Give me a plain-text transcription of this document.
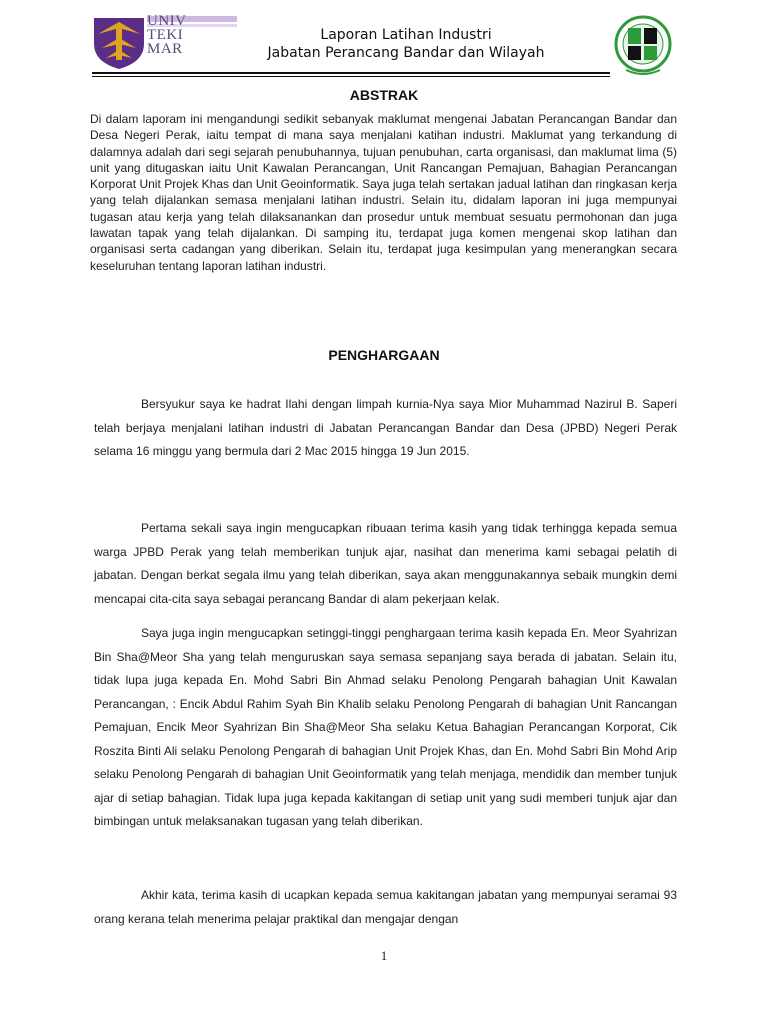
UNIV
TEKI
MAR
Laporan Latihan Industri
Jabatan Perancang Bandar dan Wilayah
ABSTRAK
Di dalam laporam ini mengandungi sedikit sebanyak maklumat mengenai Jabatan Perancangan Bandar dan Desa Negeri Perak, iaitu tempat di mana saya menjalani katihan industri. Maklumat yang terkandung di dalamnya adalah dari segi sejarah penubuhannya, tujuan penubuhan, carta organisasi, dan maklumat lima (5) unit yang ditugaskan iaitu Unit Kawalan Perancangan, Unit Rancangan Pemajuan, Bahagian Perancangan Korporat Unit Projek Khas dan Unit Geoinformatik. Saya juga telah sertakan jadual latihan dan ringkasan kerja yang telah dijalankan semasa menjalani latihan industri. Selain itu, didalam laporan ini juga mempunyai tugasan atau kerja yang telah dilaksanankan dan prosedur untuk membuat sesuatu permohonan dan juga lawatan tapak yang telah dijalankan. Di samping itu, terdapat juga komen mengenai skop latihan dan organisasi serta cadangan yang diberikan. Selain itu, terdapat juga kesimpulan yang menerangkan secara keseluruhan tentang laporan latihan industri.
PENGHARGAAN

Bersyukur saya ke hadrat Ilahi dengan limpah kurnia-Nya saya Mior Muhammad Nazirul B. Saperi telah berjaya menjalani latihan industri di Jabatan Perancangan Bandar dan Desa (JPBD) Negeri Perak selama 16 minggu yang bermula dari 2 Mac 2015 hingga 19 Jun 2015.

Pertama sekali saya ingin mengucapkan ribuaan terima kasih yang tidak terhingga kepada semua warga JPBD Perak yang telah memberikan tunjuk ajar, nasihat dan menerima kami sebagai pelatih di jabatan. Dengan berkat segala ilmu yang telah diberikan, saya akan menggunakannya sebaik mungkin demi mencapai cita-cita saya sebagai perancang Bandar di alam pekerjaan kelak.

Saya juga ingin mengucapkan setinggi-tinggi penghargaan terima kasih kepada En. Meor Syahrizan Bin Sha@Meor Sha yang telah menguruskan saya semasa sepanjang saya berada di jabatan. Selain itu, tidak lupa juga kepada En. Mohd Sabri Bin Ahmad selaku Penolong Pengarah bahagian Unit Kawalan Perancangan, : Encik Abdul Rahim Syah Bin Khalib selaku Penolong Pengarah di bahagian Unit Rancangan Pemajuan, Encik Meor Syahrizan Bin Sha@Meor Sha selaku Ketua Bahagian Perancangan Korporat, Cik Roszita Binti Ali selaku Penolong Pengarah di bahagian Unit Projek Khas, dan En. Mohd Sabri Bin Mohd Arip selaku Penolong Pengarah di bahagian Unit Geoinformatik yang telah menjaga, mendidik dan member tunjuk ajar di setiap bahagian. Tidak lupa juga kepada kakitangan di setiap unit yang sudi memberi tunjuk ajar dan bimbingan untuk melaksanakan tugasan yang telah diberikan.

Akhir kata, terima kasih di ucapkan kepada semua kakitangan jabatan yang mempunyai seramai 93 orang kerana telah menerima pelajar praktikal dan mengajar dengan

1
